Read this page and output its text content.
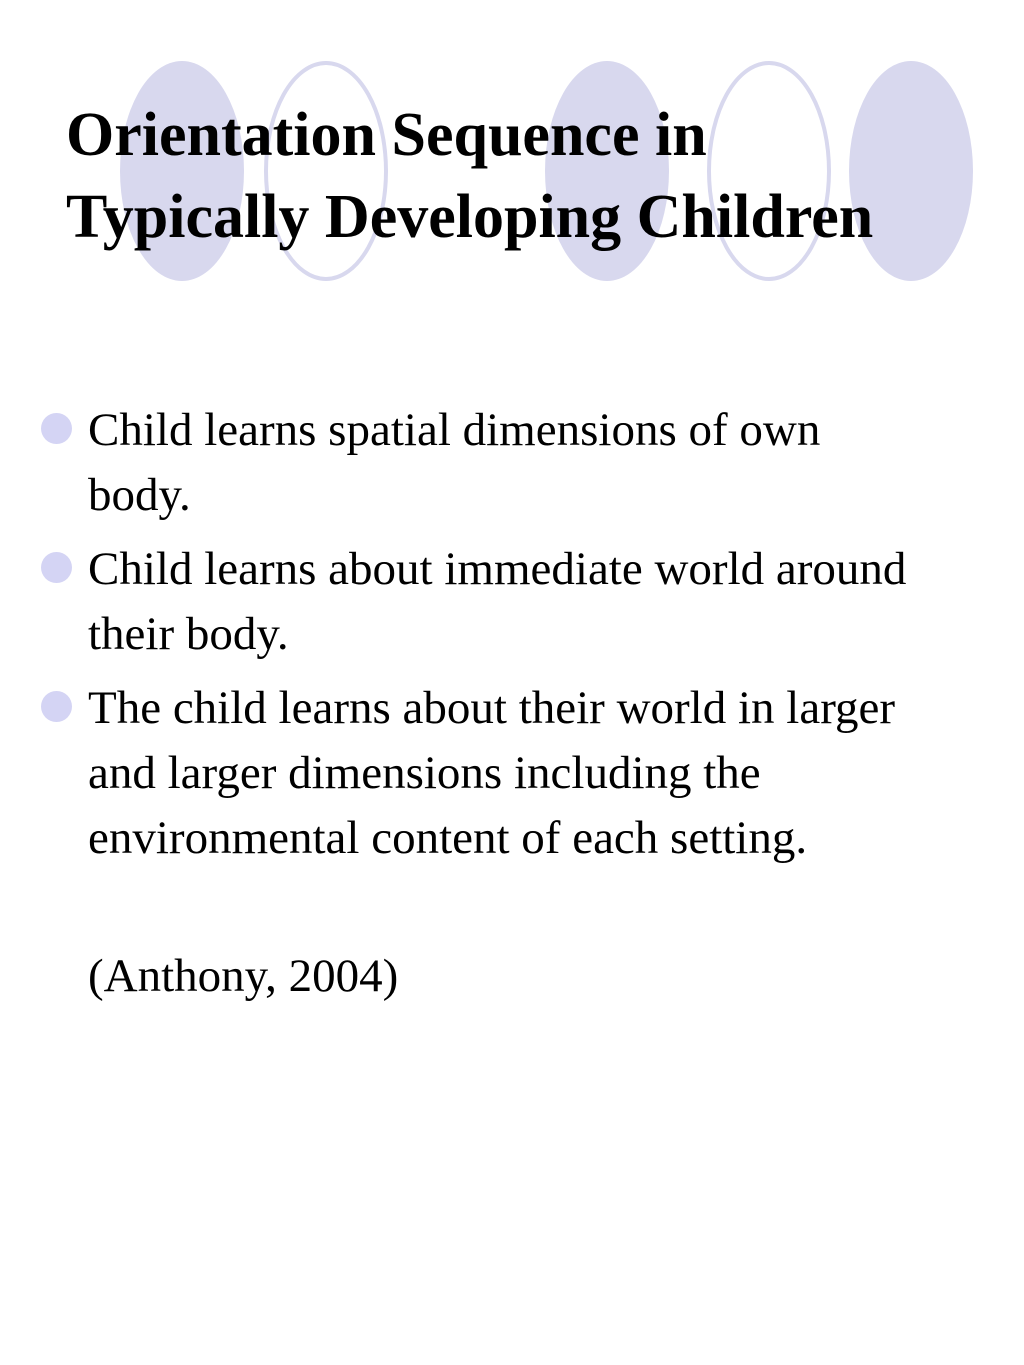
Orientation Sequence in
Typically Developing Children
Child learns spatial dimensions of own body.
Child learns about immediate world around their body.
The child learns about their world in larger and larger dimensions including the environmental content of each setting.
(Anthony, 2004)
